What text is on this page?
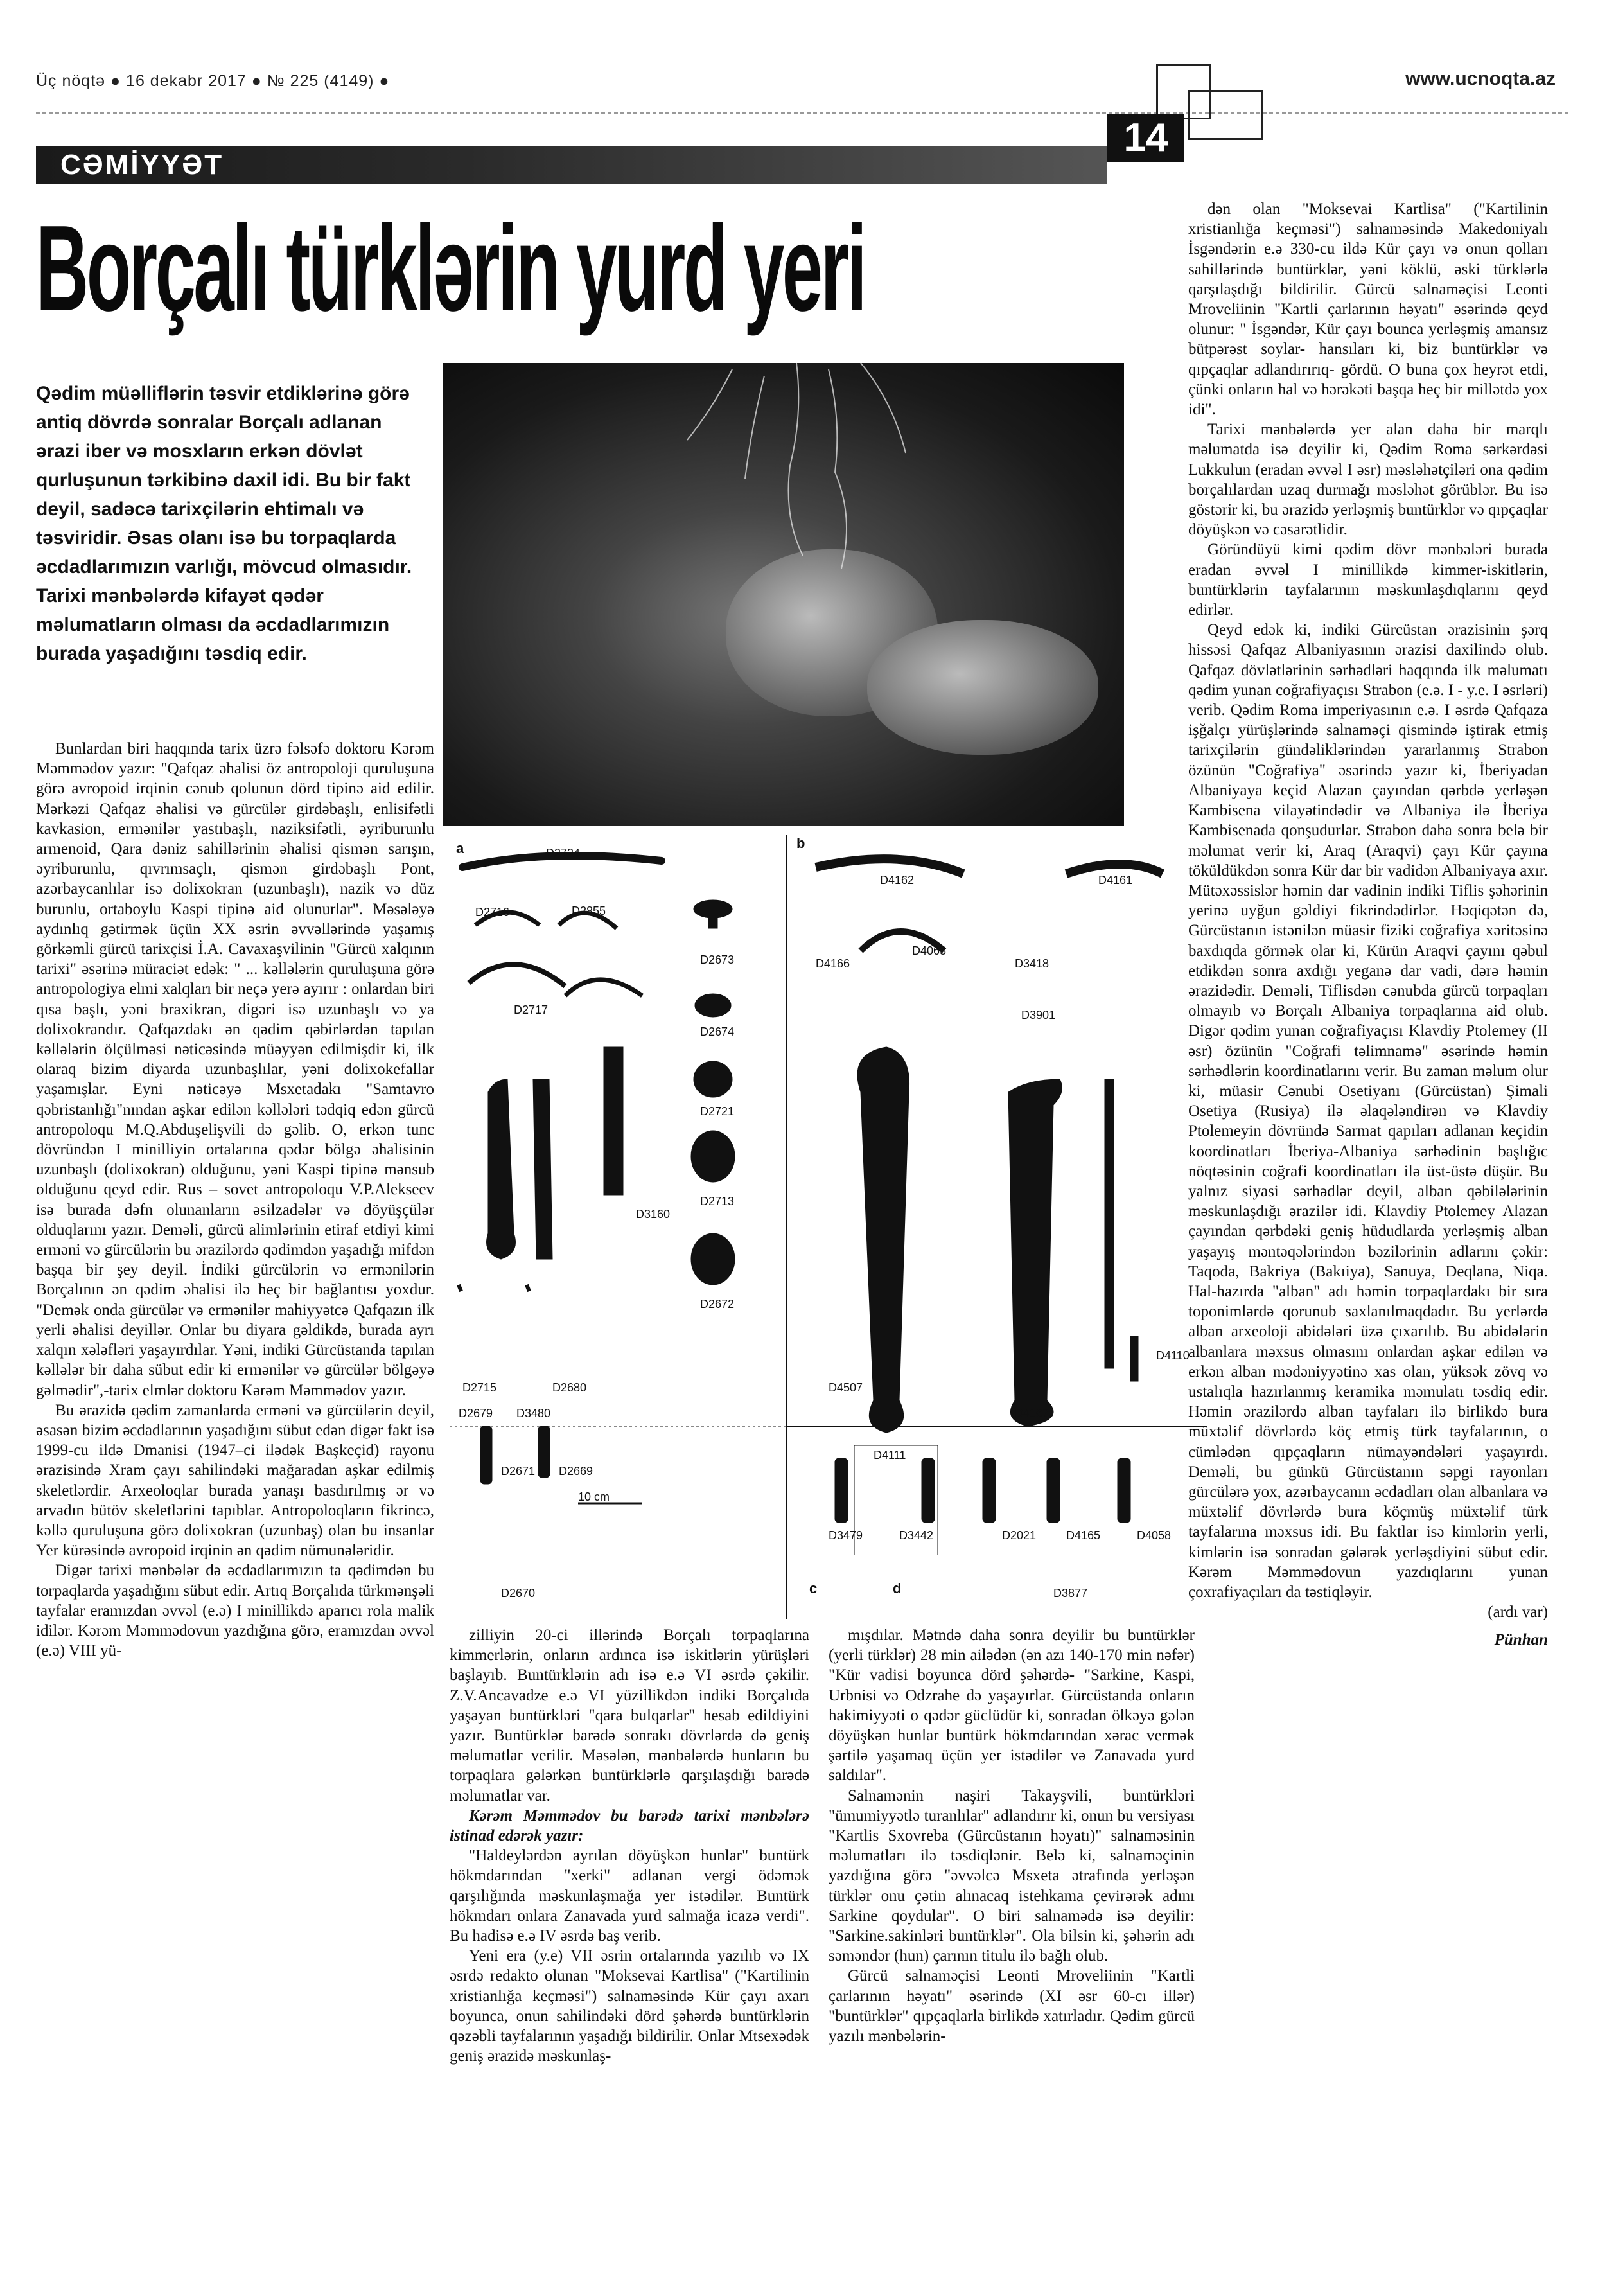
Üç nöqtə ● 16 dekabr 2017 ● № 225 (4149) ●	www.ucnoqta.az
14
CƏMİYYƏT
Borçalı türklərin yurd yeri
Qədim müəlliflərin təsvir etdiklərinə görə antiq dövrdə sonralar Borçalı adlanan ərazi iber və mosxların erkən dövlət qurluşunun tərkibinə daxil idi. Bu bir fakt deyil, sadəcə tarixçilərin ehtimalı və təsviridir. Əsas olanı isə bu torpaqlarda əcdadlarımızın varlığı, mövcud olmasıdır. Tarixi mənbələrdə kifayət qədər məlumatların olması da əcdadlarımızın burada yaşadığını təsdiq edir.
a	b
c	d
10 cm
D2724
D2716	D2855
D2673
D2717
D2674
D2721
D3160
D2713
D2672
D2715	D2680
D2679 D3480
D2671 D2669
D2670
D4162	D4161
D4063
D4166	D3418
D3901
D4507
D4167
D4110
D4111
D3479	D3442	D2021	D4165	D4058
D3877

Bunlardan biri haqqında tarix üzrə fəlsəfə doktoru Kərəm Məmmədov yazır: "Qafqaz əhalisi öz antropoloji quruluşuna görə avropoid irqinin cənub qolunun dörd tipinə aid edilir. Mərkəzi Qafqaz əhalisi və gürcülər girdəbaşlı, enlisifətli kavkasion, ermənilər yastıbaşlı, naziksifətli, əyriburunlu armenoid, Qara dəniz sahillərinin əhalisi qismən sarışın, əyriburunlu, qıvrımsaçlı, qismən girdəbaşlı Pont, azərbaycanlılar isə dolixokran (uzunbaşlı), nazik və düz burunlu, ortaboylu Kaspi tipinə aid olunurlar". Məsələyə aydınlıq gətirmək üçün XX əsrin əvvəllərində yaşamış görkəmli gürcü tarixçisi İ.A. Cavaxaşvilinin "Gürcü xalqının tarixi" əsərinə müraciət edək: " ... kəllələrin quruluşuna görə antropologiya elmi xalqları bir neçə yerə ayırır : onlardan biri qısa başlı, yəni braxikran, digəri isə uzunbaşlı və ya dolixokrandır. Qafqazdakı ən qədim qəbirlərdən tapılan kəllələrin ölçülməsi nəticəsində müəyyən edilmişdir ki, ilk olaraq bizim diyarda uzunbaşlılar, yəni dolixokefallar yaşamışlar. Eyni nəticəyə Msxetadakı "Samtavro qəbristanlığı"nından aşkar edilən kəllələri tədqiq edən gürcü antropoloqu M.Q.Abduşelişvili də gəlib. O, erkən tunc dövründən I minilliyin ortalarına qədər bölgə əhalisinin uzunbaşlı (dolixokran) olduğunu, yəni Kaspi tipinə mənsub olduğunu qeyd edir. Rus – sovet antropoloqu V.P.Alekseev isə burada dəfn olunanların əsilzadələr və döyüşçülər olduqlarını yazır. Deməli, gürcü alimlərinin etiraf etdiyi kimi erməni və gürcülərin bu ərazilərdə qədimdən yaşadığı mifdən başqa bir şey deyil. İndiki gürcülərin və ermənilərin Borçalının ən qədim əhalisi ilə heç bir bağlantısı yoxdur. "Demək onda gürcülər və ermənilər mahiyyətcə Qafqazın ilk yerli əhalisi deyillər. Onlar bu diyara gəldikdə, burada ayrı xalqın xələfləri yaşayırdılar. Yəni, indiki Gürcüstanda tapılan kəllələr bir daha sübut edir ki ermənilər və gürcülər bölgəyə gəlmədir",-tarix elmlər doktoru Kərəm Məmmədov yazır.

Bu ərazidə qədim zamanlarda erməni və gürcülərin deyil, əsasən bizim əcdadlarının yaşadığını sübut edən digər fakt isə 1999-cu ildə Dmanisi (1947–ci ilədək Başkeçid) rayonu ərazisində Xram çayı sahilindəki mağaradan aşkar edilmiş skeletlərdir. Arxeoloqlar burada yanaşı basdırılmış ər və arvadın bütöv skeletlərini tapıblar. Antropoloqların fikrincə, kəllə quruluşuna görə dolixokran (uzunbaş) olan bu insanlar Yer kürəsində avropoid irqinin ən qədim nümunələridir.

Digər tarixi mənbələr də əcdadlarımızın ta qədimdən bu torpaqlarda yaşadığını sübut edir. Artıq Borçalıda türkmənşəli tayfalar eramızdan əvvəl (e.ə) I minillikdə aparıcı rola malik idilər. Kərəm Məmmədovun yazdığına görə, eramızdan əvvəl (e.ə) VIII yü-

zilliyin 20-ci illərində Borçalı torpaqlarına kimmerlərin, onların ardınca isə iskitlərin yürüşləri başlayıb. Buntürklərin adı isə e.ə VI əsrdə çəkilir. Z.V.Ancavadze e.ə VI yüzillikdən indiki Borçalıda yaşayan buntürkləri "qara bulqarlar" hesab edildiyini yazır. Buntürklər barədə sonrakı dövrlərdə də geniş məlumatlar verilir. Məsələn, mənbələrdə hunların bu torpaqlara gələrkən buntürklərlə qarşılaşdığı barədə məlumatlar var.

Kərəm Məmmədov bu barədə tarixi mənbələrə istinad edərək yazır:

"Haldeylərdən ayrılan döyüşkən hunlar" buntürk hökmdarından "xerki" adlanan vergi ödəmək qarşılığında məskunlaşmağa yer istədilər. Buntürk hökmdarı onlara Zanavada yurd salmağa icazə verdi". Bu hadisə e.ə IV əsrdə baş verib.

Yeni era (y.e) VII əsrin ortalarında yazılıb və IX əsrdə redakto olunan "Moksevai Kartlisa" ("Kartilinin xristianlığa keçməsi") salnaməsində Kür çayı axarı boyunca, onun sahilindəki dörd şəhərdə buntürklərin qəzəbli tayfalarının yaşadığı bildirilir. Onlar Mtsexədək geniş ərazidə məskunlaş-

mışdılar. Mətndə daha sonra deyilir bu buntürklər (yerli türklər) 28 min ailədən (ən azı 140-170 min nəfər) "Kür vadisi boyunca dörd şəhərdə- "Sarkine, Kaspi, Urbnisi və Odzrahe də yaşayırlar. Gürcüstanda onların hakimiyyəti o qədər güclüdür ki, sonradan ölkəyə gələn döyüşkən hunlar buntürk hökmdarından xərac vermək şərtilə yaşamaq üçün yer istədilər və Zanavada yurd saldılar".

Salnamənin naşiri Takayşvili, buntürkləri "ümumiyyətlə turanlılar" adlandırır ki, onun bu versiyası "Kartlis Sxovreba (Gürcüstanın həyatı)" salnaməsinin məlumatları ilə təsdiqlənir. Belə ki, salnaməçinin yazdığına görə "əvvəlcə Msxeta ətrafında yerləşən türklər onu çətin alınacaq istehkama çevirərək adını Sarkine qoydular". O biri salnamədə isə deyilir: "Sarkine.sakinləri buntürklər". Ola bilsin ki, şəhərin adı səməndər (hun) çarının titulu ilə bağlı olub.

Gürcü salnaməçisi Leonti Mroveliinin "Kartli çarlarının həyatı" əsərində (XI əsr 60-cı illər) "buntürklər" qıpçaqlarla birlikdə xatırladır. Qədim gürcü yazılı mənbələrin-

dən olan "Moksevai Kartlisa" ("Kartilinin xristianlığa keçməsi") salnaməsində Makedoniyalı İsgəndərin e.ə 330-cu ildə Kür çayı və onun qolları sahillərində buntürklər, yəni köklü, əski türklərlə qarşılaşdığı bildirilir. Gürcü salnaməçisi Leonti Mroveliinin "Kartli çarlarının həyatı" əsərində qeyd olunur: " İsgəndər, Kür çayı bouncа yerləşmiş amansız bütpərəst soylar- hansıları ki, biz buntürklər və qıpçaqlar adlandırırıq- gördü. O buna çox heyrət etdi, çünki onların hal və hərəkəti başqa heç bir millətdə yox idi".

Tarixi mənbələrdə yer alan daha bir marqlı məlumatda isə deyilir ki, Qədim Roma sərkərdəsi Lukkulun (eradan əvvəl I əsr) məsləhətçiləri ona qədim borçalılardan uzaq durmağı məsləhət görüblər. Bu isə göstərir ki, bu ərazidə yerləşmiş buntürklər və qıpçaqlar döyüşkən və cəsarətlidir.

Göründüyü kimi qədim dövr mənbələri burada eradan əvvəl I minillikdə kimmer-iskitlərin, buntürklərin tayfalarının məskunlaşdıqlarını qeyd edirlər.

Qeyd edək ki, indiki Gürcüstan ərazisinin şərq hissəsi Qafqaz Albaniyasının ərazisi daxilində olub. Qafqaz dövlətlərinin sərhədləri haqqında ilk məlumatı qədim yunan coğrafiyaçısı Strabon (e.ə. I - y.e. I əsrləri) verib. Qədim Roma imperiyasının e.ə. I əsrdə Qafqaza işğalçı yürüşlərində salnaməçi qismində iştirak etmiş tarixçilərin gündəliklərindən yararlanmış Strabon özünün "Coğrafiya" əsərində yazır ki, İberiyadan Albaniyaya keçid Alazan çayından qərbdə yerləşən Kambisena vilayətindədir və Albaniya ilə İberiya Kambisenada qonşudurlar. Strabon daha sonra belə bir məlumat verir ki, Araq (Araqvi) çayı Kür çayına töküldükdən sonra Kür dar bir vadidən Albaniyaya axır. Mütəxəssislər həmin dar vadinin indiki Tiflis şəhərinin yerinə uyğun gəldiyi fikrindədirlər. Həqiqətən də, Gürcüstanın istənilən müasir fiziki coğrafiya xəritəsinə baxdıqda görmək olar ki, Kürün Araqvi çayını qəbul etdikdən sonra axdığı yeganə dar vadi, dərə həmin ərazidədir. Deməli, Tiflisdən cənubda gürcü torpaqları olmayıb və Borçalı Albaniya torpaqlarına aid olub. Digər qədim yunan coğrafiyaçısı Klavdiy Ptolemey (II əsr) özünün "Coğrafi təlimnamə" əsərində həmin sərhədlərin koordinatlarını verir. Bu zaman məlum olur ki, müasir Cənubi Osetiyanı (Gürcüstan) Şimali Osetiya (Rusiya) ilə əlaqələndirən və Klavdiy Ptolemeyin dövründə Sarmat qapıları adlanan keçidin koordinatları İberiya-Albaniya sərhədinin başlığıc nöqtəsinin coğrafi koordinatları ilə üst-üstə düşür. Bu yalnız siyasi sərhədlər deyil, alban qəbilələrinin məskunlaşdığı ərazilər idi. Klavdiy Ptolemey Alazan çayından qərbdəki geniş hüdudlarda yerləşmiş alban yaşayış məntəqələrindən bəzilərinin adlarını çəkir: Taqoda, Bakriya (Bakıiya), Sanuya, Deqlana, Niqa. Hal-hazırda "alban" adı həmin torpaqlardakı bir sıra toponimlərdə qorunub saxlanılmaqdadır. Bu yerlərdə alban arxeoloji abidələri üzə çıxarılıb. Bu abidələrin albanlara məxsus olmasını onlardan aşkar edilən və erkən alban mədəniyyətinə xas olan, yüksək zövq və ustalıqla hazırlanmış keramika məmulatı təsdiq edir. Həmin ərazilərdə alban tayfaları ilə birlikdə bura müxtəlif dövrlərdə köç etmiş türk tayfalarının, o cümlədən qıpçaqların nümayəndələri yaşayırdı. Deməli, bu günkü Gürcüstanın səpgi rayonları gürcülərə yox, azərbaycanın əcdadları olan albanlara və müxtəlif dövrlərdə bura köçmüş müxtəlif türk tayfalarına məxsus idi. Bu faktlar isə kimlərin yerli, kimlərin isə sonradan gələrək yerləşdiyini sübut edir. Kərəm Məmmədovun yazdıqlarını yunan çoxrafiyaçıları da təstiqləyir.

(ardı var)

Pünhan
